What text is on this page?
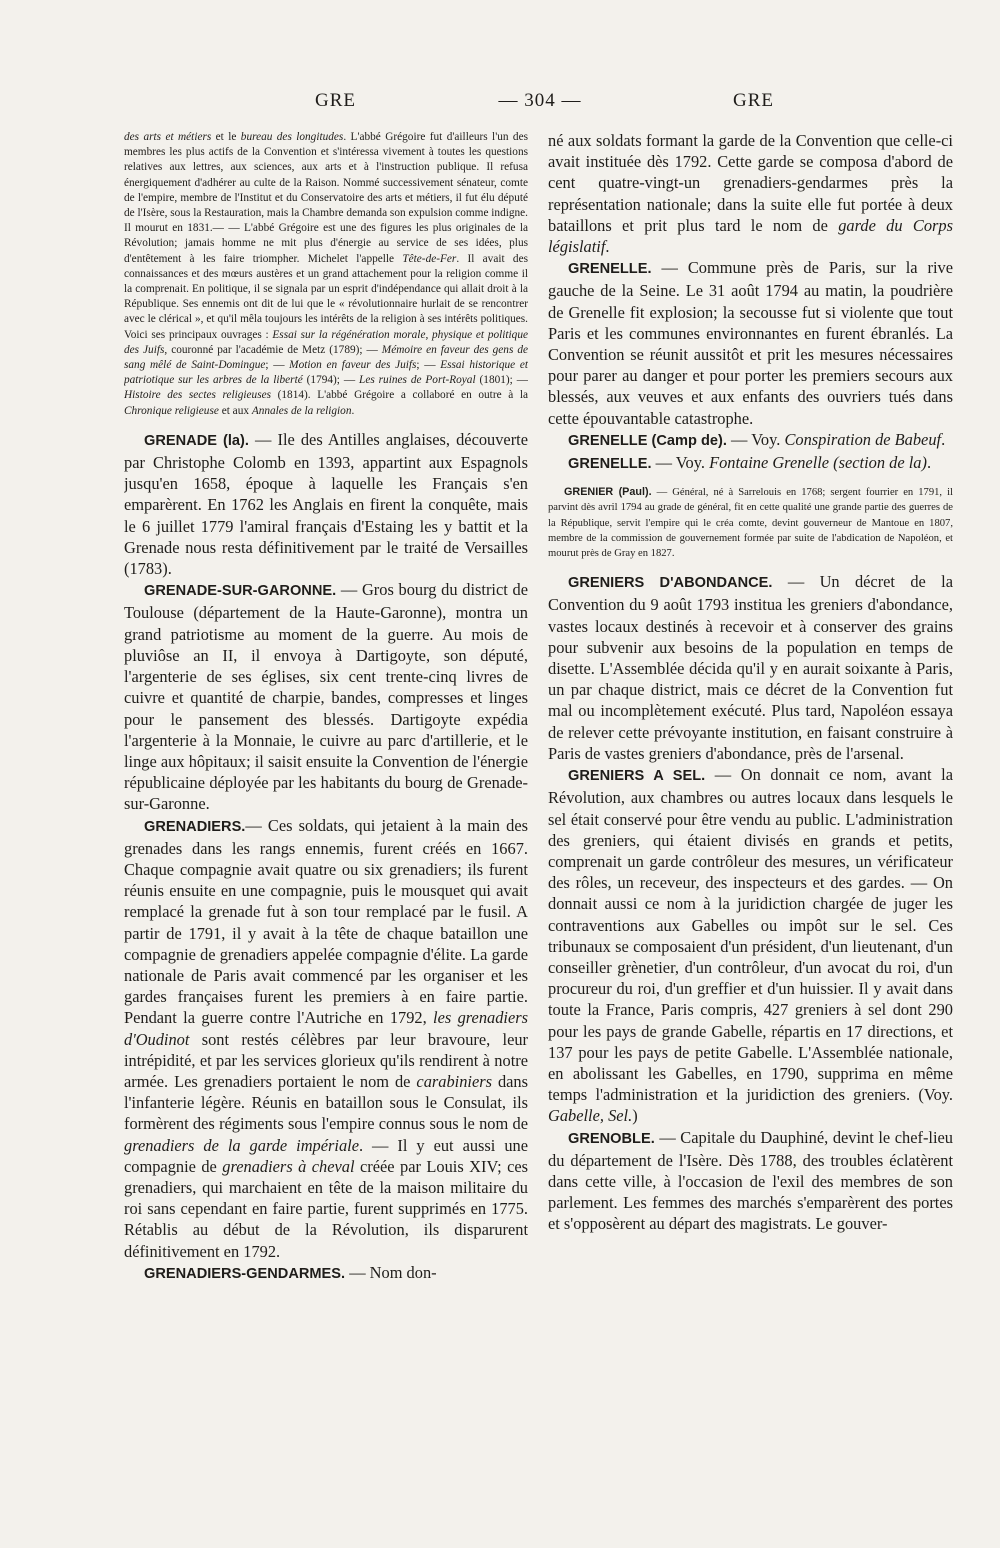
GRE	— 304 —	GRE

des arts et métiers et le bureau des longitudes. L'abbé Grégoire fut d'ailleurs l'un des membres les plus actifs de la Convention et s'intéressa vivement à toutes les questions relatives aux lettres, aux sciences, aux arts et à l'instruction publique. Il refusa énergiquement d'adhérer au culte de la Raison. Nommé successivement sénateur, comte de l'empire, membre de l'Institut et du Conservatoire des arts et métiers, il fut élu député de l'Isère, sous la Restauration, mais la Chambre demanda son expulsion comme indigne. Il mourut en 1831.— — L'abbé Grégoire est une des figures les plus originales de la Révolution; jamais homme ne mit plus d'énergie au service de ses idées, plus d'entêtement à les faire triompher. Michelet l'appelle Tête-de-Fer. Il avait des connaissances et des mœurs austères et un grand attachement pour la religion comme il la comprenait. En politique, il se signala par un esprit d'indépendance qui allait droit à la République. Ses ennemis ont dit de lui que le « révolutionnaire hurlait de se rencontrer avec le clérical », et qu'il mêla toujours les intérêts de la religion à ses intérêts politiques. Voici ses principaux ouvrages : Essai sur la régénération morale, physique et politique des Juifs, couronné par l'académie de Metz (1789); — Mémoire en faveur des gens de sang mêlé de Saint-Domingue; — Motion en faveur des Juifs; — Essai historique et patriotique sur les arbres de la liberté (1794); — Les ruines de Port-Royal (1801); — Histoire des sectes religieuses (1814). L'abbé Grégoire a collaboré en outre à la Chronique religieuse et aux Annales de la religion.

GRENADE (la). — Ile des Antilles anglaises, découverte par Christophe Colomb en 1393, appartint aux Espagnols jusqu'en 1658, époque à laquelle les Français s'en emparèrent. En 1762 les Anglais en firent la conquête, mais le 6 juillet 1779 l'amiral français d'Estaing les y battit et la Grenade nous resta définitivement par le traité de Versailles (1783).

GRENADE-SUR-GARONNE. — Gros bourg du district de Toulouse (département de la Haute-Garonne), montra un grand patriotisme au moment de la guerre. Au mois de pluviôse an II, il envoya à Dartigoyte, son député, l'argenterie de ses églises, six cent trente-cinq livres de cuivre et quantité de charpie, bandes, compresses et linges pour le pansement des blessés. Dartigoyte expédia l'argenterie à la Monnaie, le cuivre au parc d'artillerie, et le linge aux hôpitaux; il saisit ensuite la Convention de l'énergie républicaine déployée par les habitants du bourg de Grenade-sur-Garonne.

GRENADIERS.— Ces soldats, qui jetaient à la main des grenades dans les rangs ennemis, furent créés en 1667. Chaque compagnie avait quatre ou six grenadiers; ils furent réunis ensuite en une compagnie, puis le mousquet qui avait remplacé la grenade fut à son tour remplacé par le fusil. A partir de 1791, il y avait à la tête de chaque bataillon une compagnie de grenadiers appelée compagnie d'élite. La garde nationale de Paris avait commencé par les organiser et les gardes françaises furent les premiers à en faire partie. Pendant la guerre contre l'Autriche en 1792, les grenadiers d'Oudinot sont restés célèbres par leur bravoure, leur intrépidité, et par les services glorieux qu'ils rendirent à notre armée. Les grenadiers portaient le nom de carabiniers dans l'infanterie légère. Réunis en bataillon sous le Consulat, ils formèrent des régiments sous l'empire connus sous le nom de grenadiers de la garde impériale. — Il y eut aussi une compagnie de grenadiers à cheval créée par Louis XIV; ces grenadiers, qui marchaient en tête de la maison militaire du roi sans cependant en faire partie, furent supprimés en 1775. Rétablis au début de la Révolution, ils disparurent définitivement en 1792.

GRENADIERS-GENDARMES. — Nom don-

né aux soldats formant la garde de la Convention que celle-ci avait instituée dès 1792. Cette garde se composa d'abord de cent quatre-vingt-un grenadiers-gendarmes près la représentation nationale; dans la suite elle fut portée à deux bataillons et prit plus tard le nom de garde du Corps législatif.

GRENELLE. — Commune près de Paris, sur la rive gauche de la Seine. Le 31 août 1794 au matin, la poudrière de Grenelle fit explosion; la secousse fut si violente que tout Paris et les communes environnantes en furent ébranlés. La Convention se réunit aussitôt et prit les mesures nécessaires pour parer au danger et pour porter les premiers secours aux blessés, aux veuves et aux enfants des ouvriers tués dans cette épouvantable catastrophe.

GRENELLE (Camp de). — Voy. Conspiration de Babeuf.

GRENELLE. — Voy. Fontaine Grenelle (section de la).

GRENIER (Paul). — Général, né à Sarrelouis en 1768; sergent fourrier en 1791, il parvint dès avril 1794 au grade de général, fit en cette qualité une grande partie des guerres de la République, servit l'empire qui le créa comte, devint gouverneur de Mantoue en 1807, membre de la commission de gouvernement formée par suite de l'abdication de Napoléon, et mourut près de Gray en 1827.

GRENIERS D'ABONDANCE. — Un décret de la Convention du 9 août 1793 institua les greniers d'abondance, vastes locaux destinés à recevoir et à conserver des grains pour subvenir aux besoins de la population en temps de disette. L'Assemblée décida qu'il y en aurait soixante à Paris, un par chaque district, mais ce décret de la Convention fut mal ou incomplètement exécuté. Plus tard, Napoléon essaya de relever cette prévoyante institution, en faisant construire à Paris de vastes greniers d'abondance, près de l'arsenal.

GRENIERS A SEL. — On donnait ce nom, avant la Révolution, aux chambres ou autres locaux dans lesquels le sel était conservé pour être vendu au public. L'administration des greniers, qui étaient divisés en grands et petits, comprenait un garde contrôleur des mesures, un vérificateur des rôles, un receveur, des inspecteurs et des gardes. — On donnait aussi ce nom à la juridiction chargée de juger les contraventions aux Gabelles ou impôt sur le sel. Ces tribunaux se composaient d'un président, d'un lieutenant, d'un conseiller grènetier, d'un contrôleur, d'un avocat du roi, d'un procureur du roi, d'un greffier et d'un huissier. Il y avait dans toute la France, Paris compris, 427 greniers à sel dont 290 pour les pays de grande Gabelle, répartis en 17 directions, et 137 pour les pays de petite Gabelle. L'Assemblée nationale, en abolissant les Gabelles, en 1790, supprima en même temps l'administration et la juridiction des greniers. (Voy. Gabelle, Sel.)

GRENOBLE. — Capitale du Dauphiné, devint le chef-lieu du département de l'Isère. Dès 1788, des troubles éclatèrent dans cette ville, à l'occasion de l'exil des membres de son parlement. Les femmes des marchés s'emparèrent des portes et s'opposèrent au départ des magistrats. Le gouver-
